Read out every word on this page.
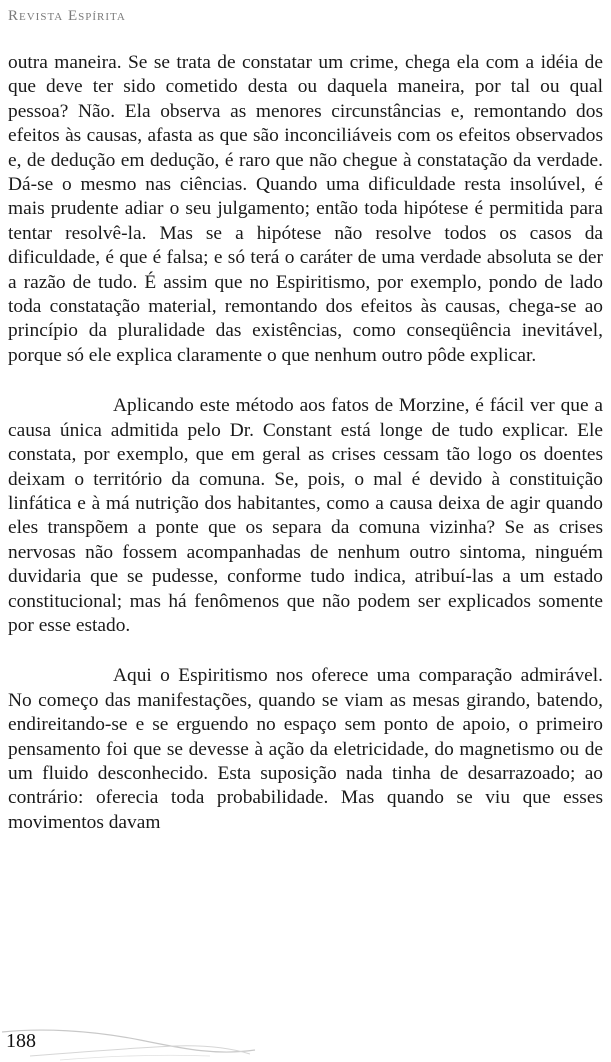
Revista Espírita

outra maneira. Se se trata de constatar um crime, chega ela com a idéia de que deve ter sido cometido desta ou daquela maneira, por tal ou qual pessoa? Não. Ela observa as menores circunstâncias e, remontando dos efeitos às causas, afasta as que são inconciliáveis com os efeitos observados e, de dedução em dedução, é raro que não chegue à constatação da verdade. Dá-se o mesmo nas ciências. Quando uma dificuldade resta insolúvel, é mais prudente adiar o seu julgamento; então toda hipótese é permitida para tentar resolvê-la. Mas se a hipótese não resolve todos os casos da dificuldade, é que é falsa; e só terá o caráter de uma verdade absoluta se der a razão de tudo. É assim que no Espiritismo, por exemplo, pondo de lado toda constatação material, remontando dos efeitos às causas, chega-se ao princípio da pluralidade das existências, como conseqüência inevitável, porque só ele explica claramente o que nenhum outro pôde explicar.

Aplicando este método aos fatos de Morzine, é fácil ver que a causa única admitida pelo Dr. Constant está longe de tudo explicar. Ele constata, por exemplo, que em geral as crises cessam tão logo os doentes deixam o território da comuna. Se, pois, o mal é devido à constituição linfática e à má nutrição dos habitantes, como a causa deixa de agir quando eles transpõem a ponte que os separa da comuna vizinha? Se as crises nervosas não fossem acompanhadas de nenhum outro sintoma, ninguém duvidaria que se pudesse, conforme tudo indica, atribuí-las a um estado constitucional; mas há fenômenos que não podem ser explicados somente por esse estado.

Aqui o Espiritismo nos oferece uma comparação admirável. No começo das manifestações, quando se viam as mesas girando, batendo, endireitando-se e se erguendo no espaço sem ponto de apoio, o primeiro pensamento foi que se devesse à ação da eletricidade, do magnetismo ou de um fluido desconhecido. Esta suposição nada tinha de desarrazoado; ao contrário: oferecia toda probabilidade. Mas quando se viu que esses movimentos davam

188
